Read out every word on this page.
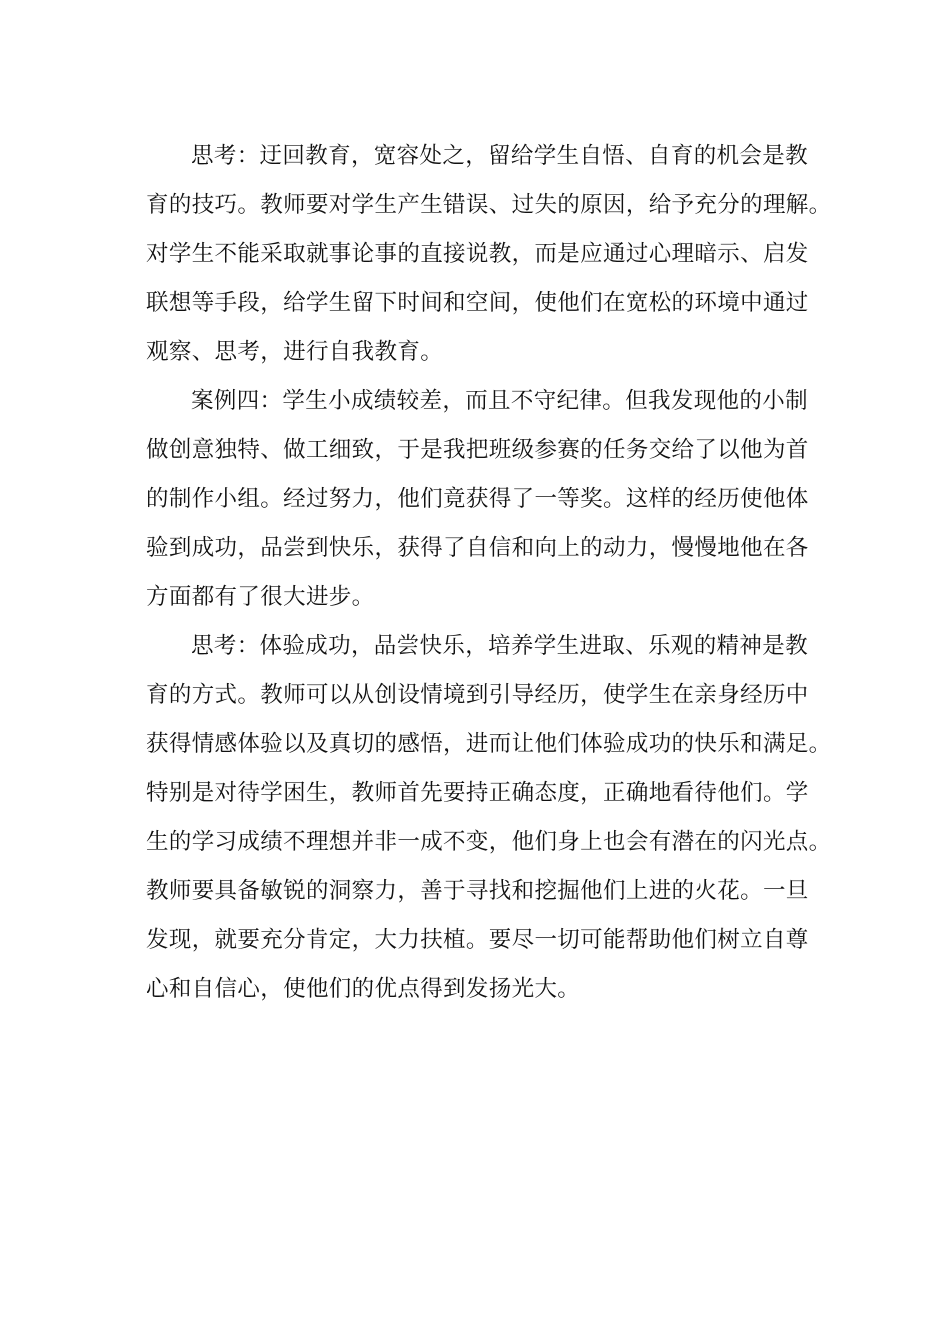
思考：迂回教育，宽容处之，留给学生自悟、自育的机会是教
育的技巧。教师要对学生产生错误、过失的原因，给予充分的理解。
对学生不能采取就事论事的直接说教，而是应通过心理暗示、启发
联想等手段，给学生留下时间和空间，使他们在宽松的环境中通过
观察、思考，进行自我教育。
案例四：学生小成绩较差，而且不守纪律。但我发现他的小制
做创意独特、做工细致，于是我把班级参赛的任务交给了以他为首
的制作小组。经过努力，他们竟获得了一等奖。这样的经历使他体
验到成功，品尝到快乐，获得了自信和向上的动力，慢慢地他在各
方面都有了很大进步。
思考：体验成功，品尝快乐，培养学生进取、乐观的精神是教
育的方式。教师可以从创设情境到引导经历，使学生在亲身经历中
获得情感体验以及真切的感悟，进而让他们体验成功的快乐和满足。
特别是对待学困生，教师首先要持正确态度，正确地看待他们。学
生的学习成绩不理想并非一成不变，他们身上也会有潜在的闪光点。
教师要具备敏锐的洞察力，善于寻找和挖掘他们上进的火花。一旦
发现，就要充分肯定，大力扶植。要尽一切可能帮助他们树立自尊
心和自信心，使他们的优点得到发扬光大。
